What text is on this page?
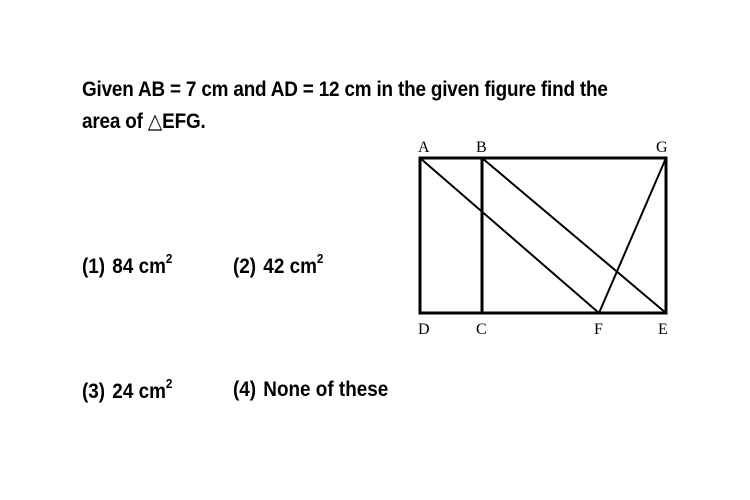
Given AB = 7 cm and AD = 12 cm in the given figure find the
area of △EFG.
(1) 84 $cm^2$	(2) 42 $cm^2$
(3) 24 $cm^2$	(4) None of these
A	B	G
D	C	F	E
